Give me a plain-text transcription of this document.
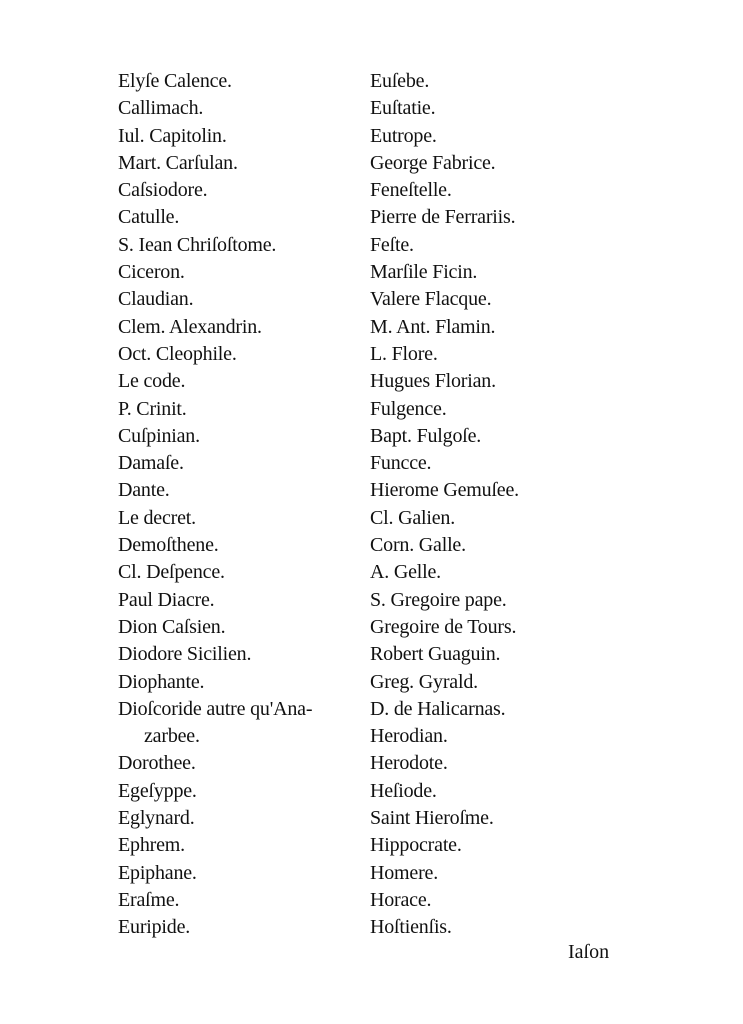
Elyſe Calence.
Callimach.
Iul. Capitolin.
Mart. Carſulan.
Caſsiodore.
Catulle.
S. Iean Chriſoſtome.
Ciceron.
Claudian.
Clem. Alexandrin.
Oct. Cleophile.
Le code.
P. Crinit.
Cuſpinian.
Damaſe.
Dante.
Le decret.
Demoſthene.
Cl. Deſpence.
Paul Diacre.
Dion Caſsien.
Diodore Sicilien.
Diophante.
Dioſcoride autre qu'Ana-
zarbee.
Dorothee.
Egeſyppe.
Eglynard.
Ephrem.
Epiphane.
Eraſme.
Euripide.
Euſebe.
Euſtatie.
Eutrope.
George Fabrice.
Feneſtelle.
Pierre de Ferrariis.
Feſte.
Marſile Ficin.
Valere Flacque.
M. Ant. Flamin.
L. Flore.
Hugues Florian.
Fulgence.
Bapt. Fulgoſe.
Funcce.
Hierome Gemuſee.
Cl. Galien.
Corn. Galle.
A. Gelle.
S. Gregoire pape.
Gregoire de Tours.
Robert Guaguin.
Greg. Gyrald.
D. de Halicarnas.
Herodian.
Herodote.
Heſiode.
Saint Hieroſme.
Hippocrate.
Homere.
Horace.
Hoſtienſis.
Iaſon
